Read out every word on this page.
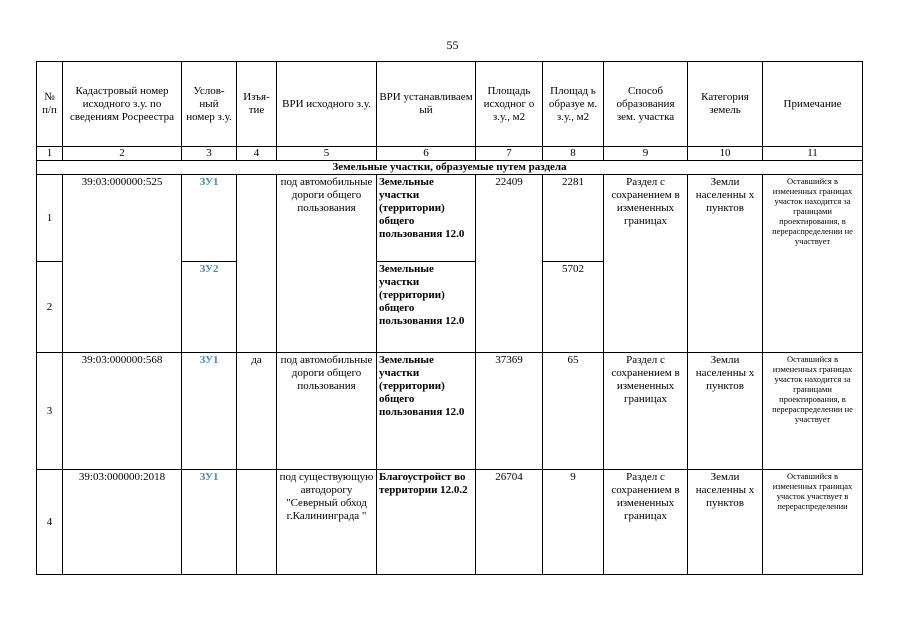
55
№ п/п	Кадастровый номер исходного з.у. по сведениям Росреестра	Услов-ный номер з.у.	Изъя-тие	ВРИ исходного з.у.	ВРИ устанавливаем ый	Площадь исходног о з.у., м2	Площад ь образуе м. з.у., м2	Способ образования зем. участка	Категория земель	Примечание
1	2	3	4	5	6	7	8	9	10	11
Земельные участки, образуемые путем раздела										
1	39:03:000000:525	ЗУ1		под автомобильные дороги общего пользования	Земельные участки (территории) общего пользования 12.0	22409	2281	Раздел с сохранением в измененных границах	Земли населенны х пунктов	Оставшийся в измененных границах участок находится за границами проектирования, в перераспределении не участвует
2		ЗУ2			Земельные участки (территории) общего пользования 12.0		5702			
3	39:03:000000:568	ЗУ1	да	под автомобильные дороги общего пользования	Земельные участки (территории) общего пользования 12.0	37369	65	Раздел с сохранением в измененных границах	Земли населенны х пунктов	Оставшийся в измененных границах участок находится за границами проектирования, в перераспределении не участвует
4	39:03:000000:2018	ЗУ1		под существующую автодорогу "Северный обход г.Калининграда "	Благоустройст во территории 12.0.2	26704	9	Раздел с сохранением в измененных границах	Земли населенны х пунктов	Оставшийся в измененных границах участок участвует в перераспределении
